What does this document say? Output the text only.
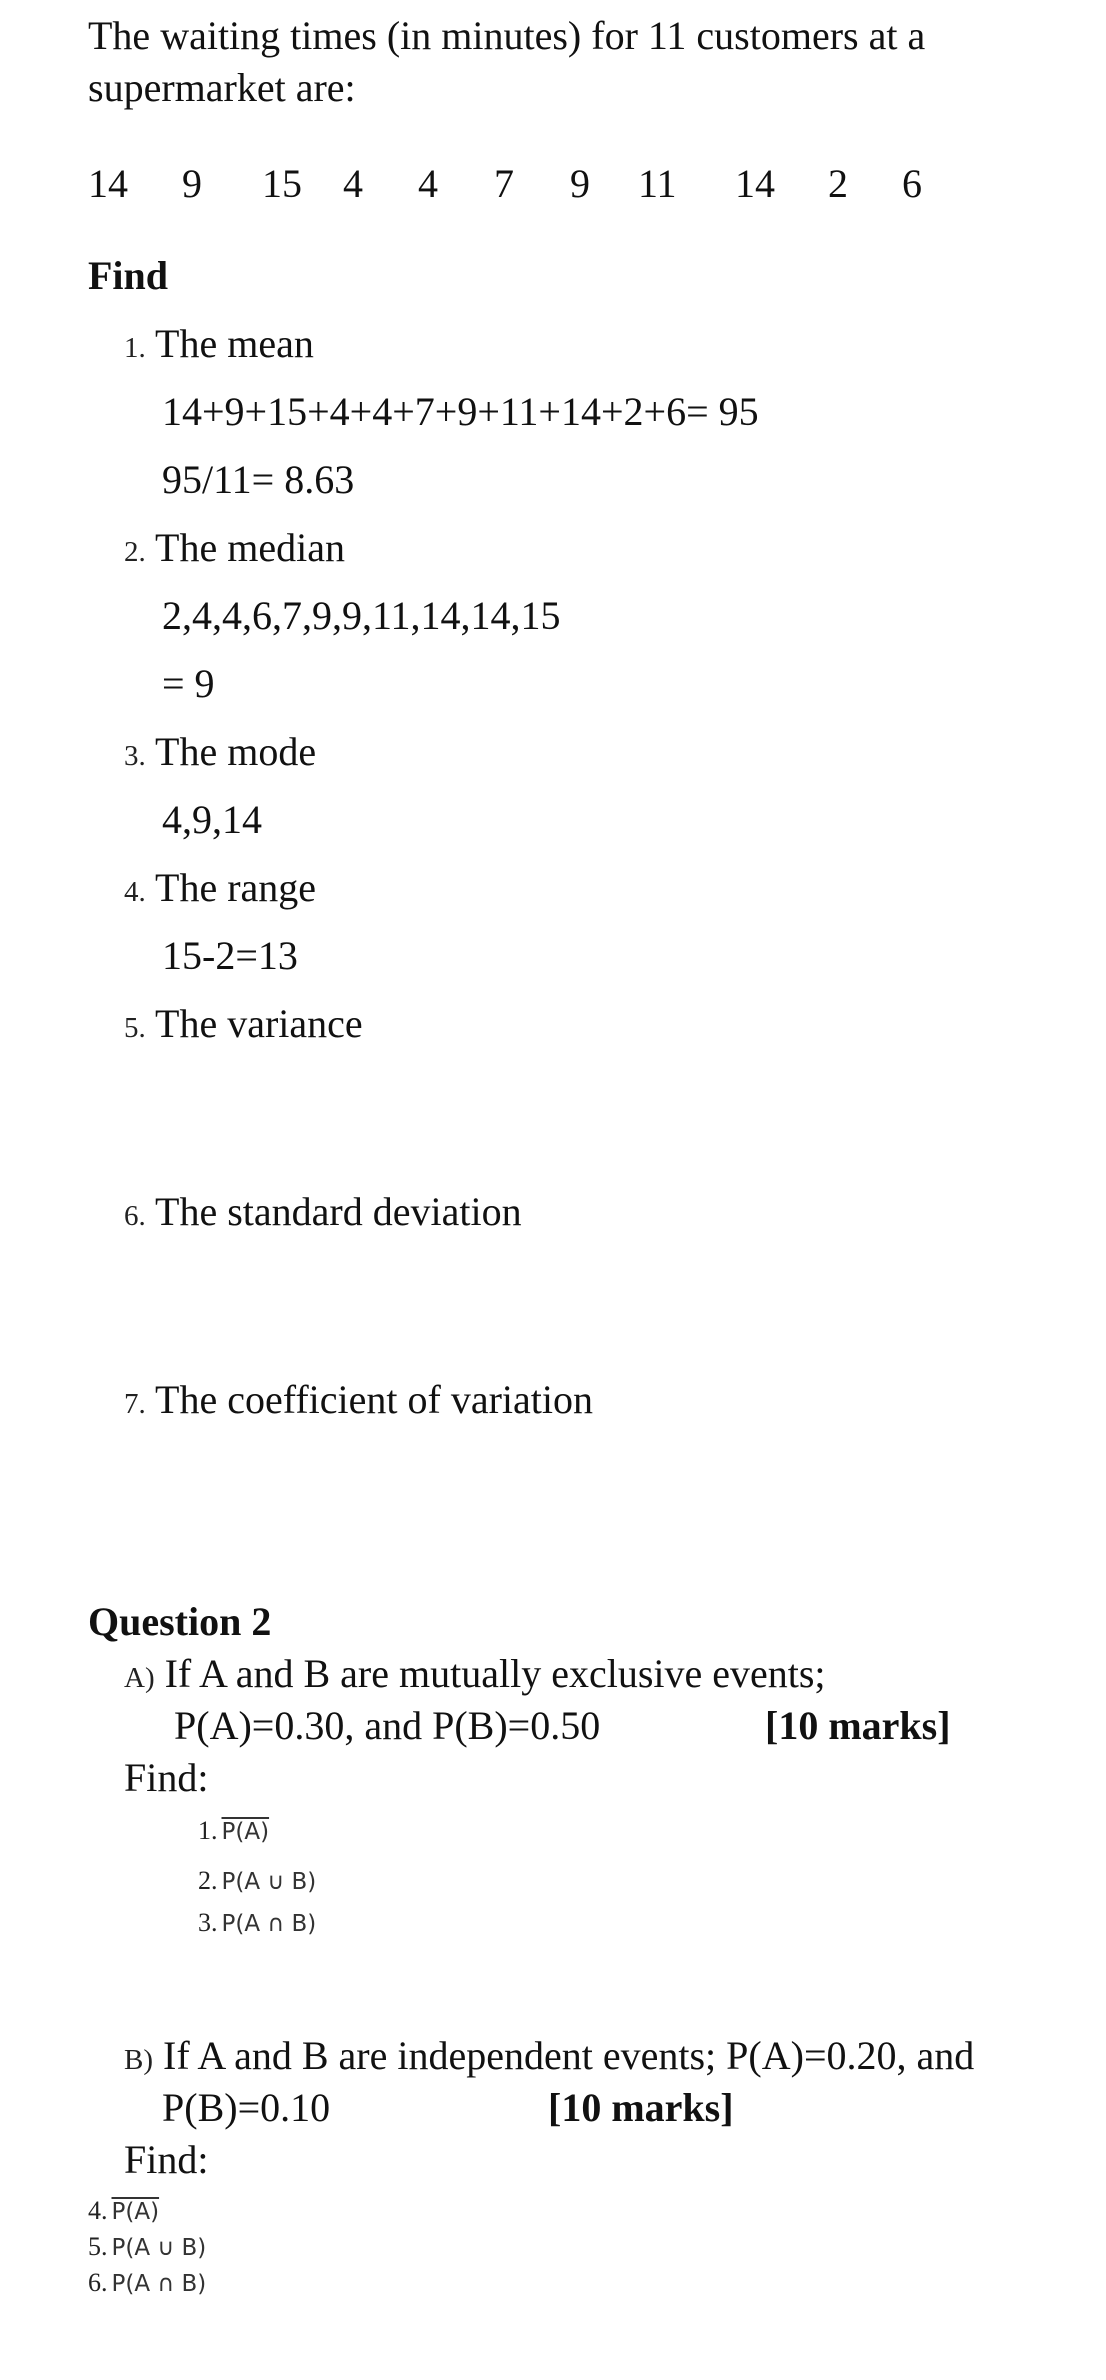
The waiting times (in minutes) for 11 customers at a
supermarket are:
14 9 15 4 4 7 9 11 14 2 6
Find
1. The mean
14+9+15+4+4+7+9+11+14+2+6= 95
95/11= 8.63
2. The median
2,4,4,6,7,9,9,11,14,14,15
= 9
3. The mode
4,9,14
4. The range
15-2=13
5. The variance
6. The standard deviation
7. The coefficient of variation
Question 2
A) If A and B are mutually exclusive events;
P(A)=0.30, and P(B)=0.50	[10 marks]
Find:
1. P(A)
2. P(A ∪ B)
3. P(A ∩ B)
B) If A and B are independent events; P(A)=0.20, and
P(B)=0.10	[10 marks]
Find:
4. P(A)
5. P(A ∪ B)
6. P(A ∩ B)
